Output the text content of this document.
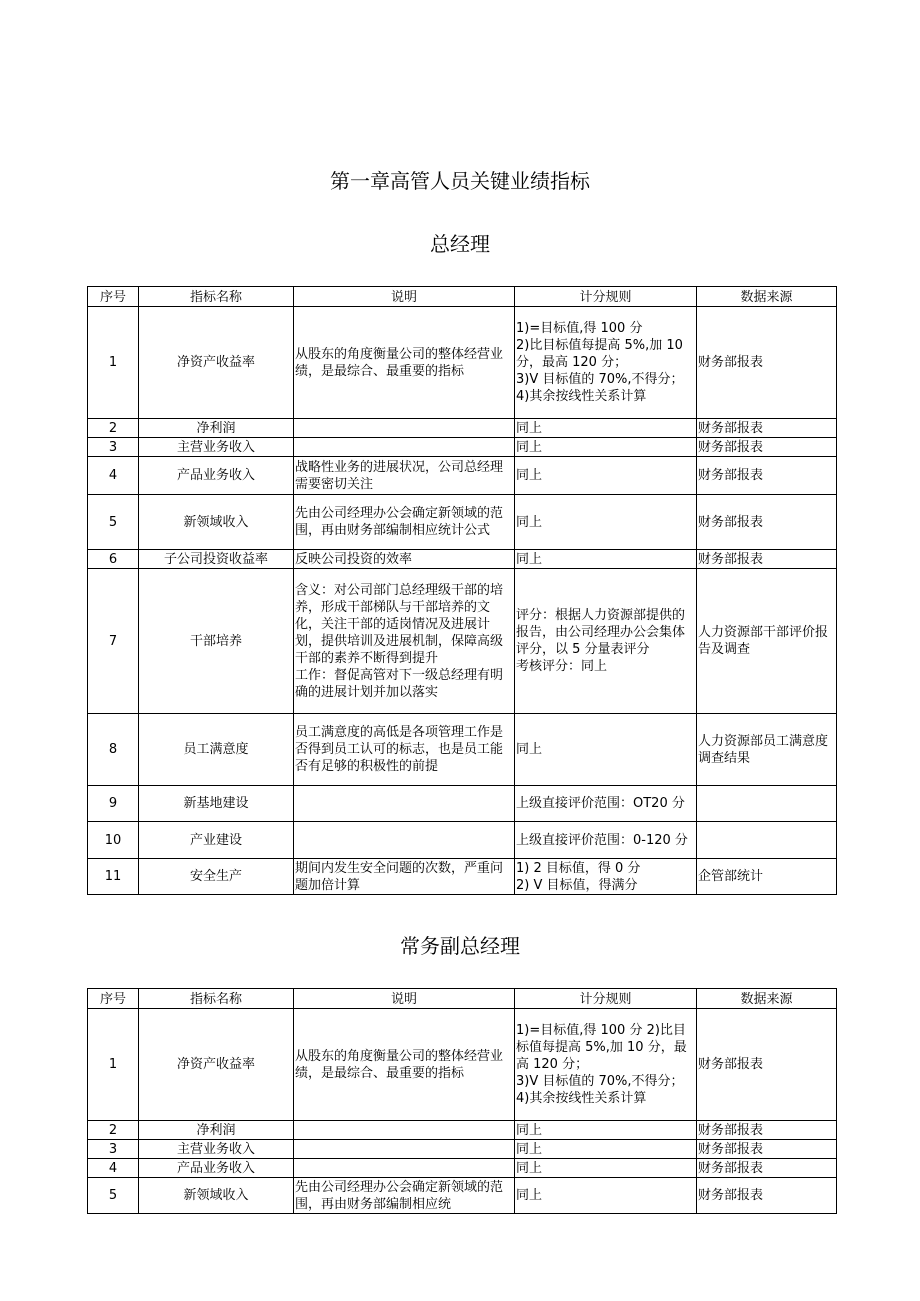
第一章高管人员关键业绩指标
总经理
序号	指标名称	说明	计分规则	数据来源

1	净资产收益率	从股东的角度衡量公司的整体经营业绩，是最综合、最重要的指标	1)=目标值,得 100 分
2)比目标值每提高 5%,加 10 分，最高 120 分；
3)V 目标值的 70%,不得分；
4)其余按线性关系计算	财务部报表

2	净利润		同上	财务部报表

3	主营业务收入		同上	财务部报表

4	产品业务收入	战略性业务的进展状况，公司总经理需要密切关注	同上	财务部报表

5	新领域收入	先由公司经理办公会确定新领域的范围，再由财务部编制相应统计公式	同上	财务部报表

6	子公司投资收益率	反映公司投资的效率	同上	财务部报表

7	干部培养	含义：对公司部门总经理级干部的培养，形成干部梯队与干部培养的文化，关注干部的适岗情况及进展计划，提供培训及进展机制，保障高级干部的素养不断得到提升
工作：督促高管对下一级总经理有明确的进展计划并加以落实	评分：根据人力资源部提供的报告，由公司经理办公会集体评分，以 5 分量表评分
考核评分：同上	人力资源部干部评价报告及调查

8	员工满意度	员工满意度的高低是各项管理工作是否得到员工认可的标志，也是员工能否有足够的积极性的前提	同上	人力资源部员工满意度调查结果

9	新基地建设		上级直接评价范围：OT20 分	

10	产业建设		上级直接评价范围：0-120 分	

11	安全生产	期间内发生安全问题的次数，严重问题加倍计算	1) 2 目标值，得 0 分
2) V 目标值，得满分	企管部统计
常务副总经理
序号	指标名称	说明	计分规则	数据来源

1	净资产收益率	从股东的角度衡量公司的整体经营业绩，是最综合、最重要的指标	1)=目标值,得 100 分 2)比目标值每提高 5%,加 10 分，最高 120 分；
3)V 目标值的 70%,不得分；
4)其余按线性关系计算	财务部报表

2	净利润		同上	财务部报表

3	主营业务收入		同上	财务部报表

4	产品业务收入		同上	财务部报表

5	新领域收入	先由公司经理办公会确定新领域的范围，再由财务部编制相应统	同上	财务部报表
